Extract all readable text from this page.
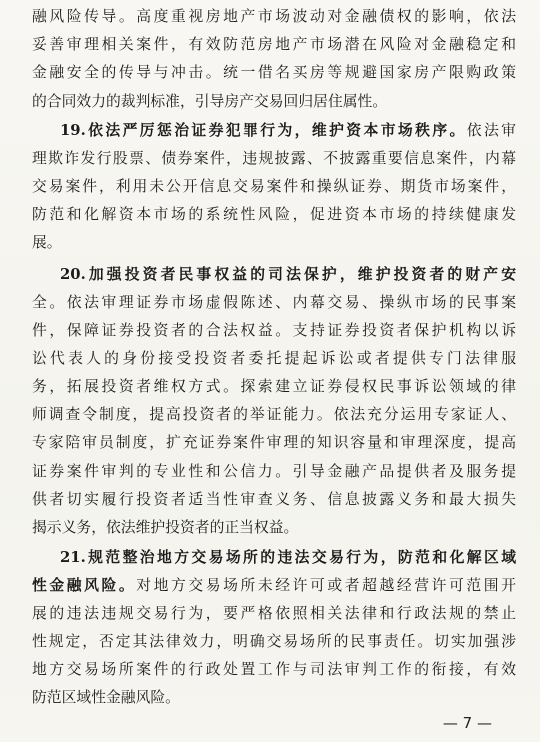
融风险传导。高度重视房地产市场波动对金融债权的影响，依法
妥善审理相关案件，有效防范房地产市场潜在风险对金融稳定和
金融安全的传导与冲击。统一借名买房等规避国家房产限购政策
的合同效力的裁判标准，引导房产交易回归居住属性。
19.依法严厉惩治证券犯罪行为，维护资本市场秩序。依法审
理欺诈发行股票、债券案件，违规披露、不披露重要信息案件，内幕
交易案件，利用未公开信息交易案件和操纵证券、期货市场案件，
防范和化解资本市场的系统性风险，促进资本市场的持续健康发
展。
20.加强投资者民事权益的司法保护，维护投资者的财产安
全。依法审理证券市场虚假陈述、内幕交易、操纵市场的民事案
件，保障证券投资者的合法权益。支持证券投资者保护机构以诉
讼代表人的身份接受投资者委托提起诉讼或者提供专门法律服
务，拓展投资者维权方式。探索建立证券侵权民事诉讼领域的律
师调查令制度，提高投资者的举证能力。依法充分运用专家证人、
专家陪审员制度，扩充证券案件审理的知识容量和审理深度，提高
证券案件审判的专业性和公信力。引导金融产品提供者及服务提
供者切实履行投资者适当性审查义务、信息披露义务和最大损失
揭示义务，依法维护投资者的正当权益。
21.规范整治地方交易场所的违法交易行为，防范和化解区域
性金融风险。对地方交易场所未经许可或者超越经营许可范围开
展的违法违规交易行为，要严格依照相关法律和行政法规的禁止
性规定，否定其法律效力，明确交易场所的民事责任。切实加强涉
地方交易场所案件的行政处置工作与司法审判工作的衔接，有效
防范区域性金融风险。
— 7 —
